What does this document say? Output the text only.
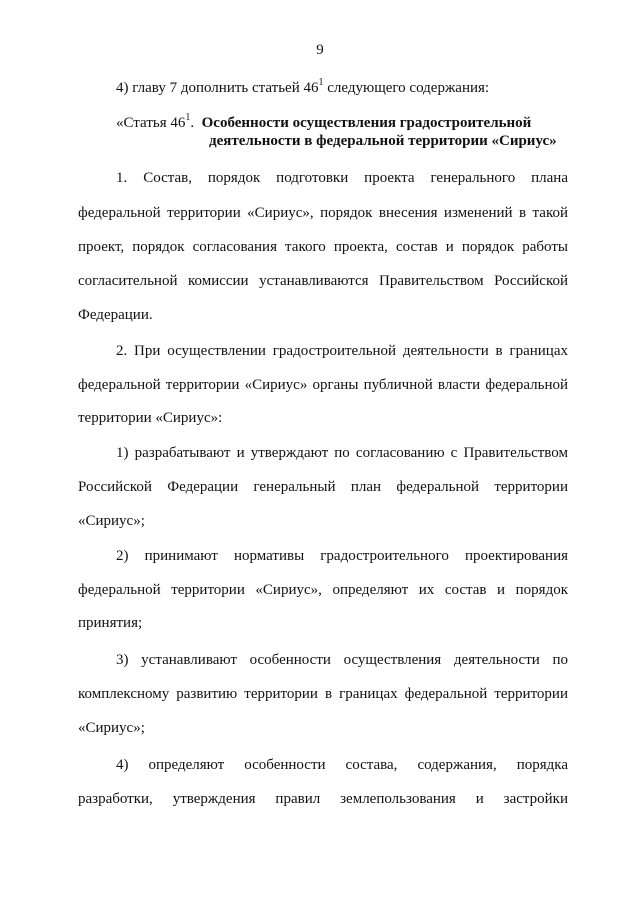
9
4) главу 7 дополнить статьей $46^1$ следующего содержания:
«Статья $46^1$. Особенности осуществления градостроительной
деятельности в федеральной территории «Сириус»
1. Состав, порядок подготовки проекта генерального плана
федеральной территории «Сириус», порядок внесения изменений в такой
проект, порядок согласования такого проекта, состав и порядок работы
согласительной комиссии устанавливаются Правительством Российской
Федерации.
2. При осуществлении градостроительной деятельности в границах
федеральной территории «Сириус» органы публичной власти федеральной
территории «Сириус»:
1) разрабатывают и утверждают по согласованию с Правительством
Российской Федерации генеральный план федеральной территории
«Сириус»;
2) принимают нормативы градостроительного проектирования
федеральной территории «Сириус», определяют их состав и порядок
принятия;
3) устанавливают особенности осуществления деятельности по
комплексному развитию территории в границах федеральной территории
«Сириус»;
4) определяют особенности состава, содержания, порядка
разработки, утверждения правил землепользования и застройки
